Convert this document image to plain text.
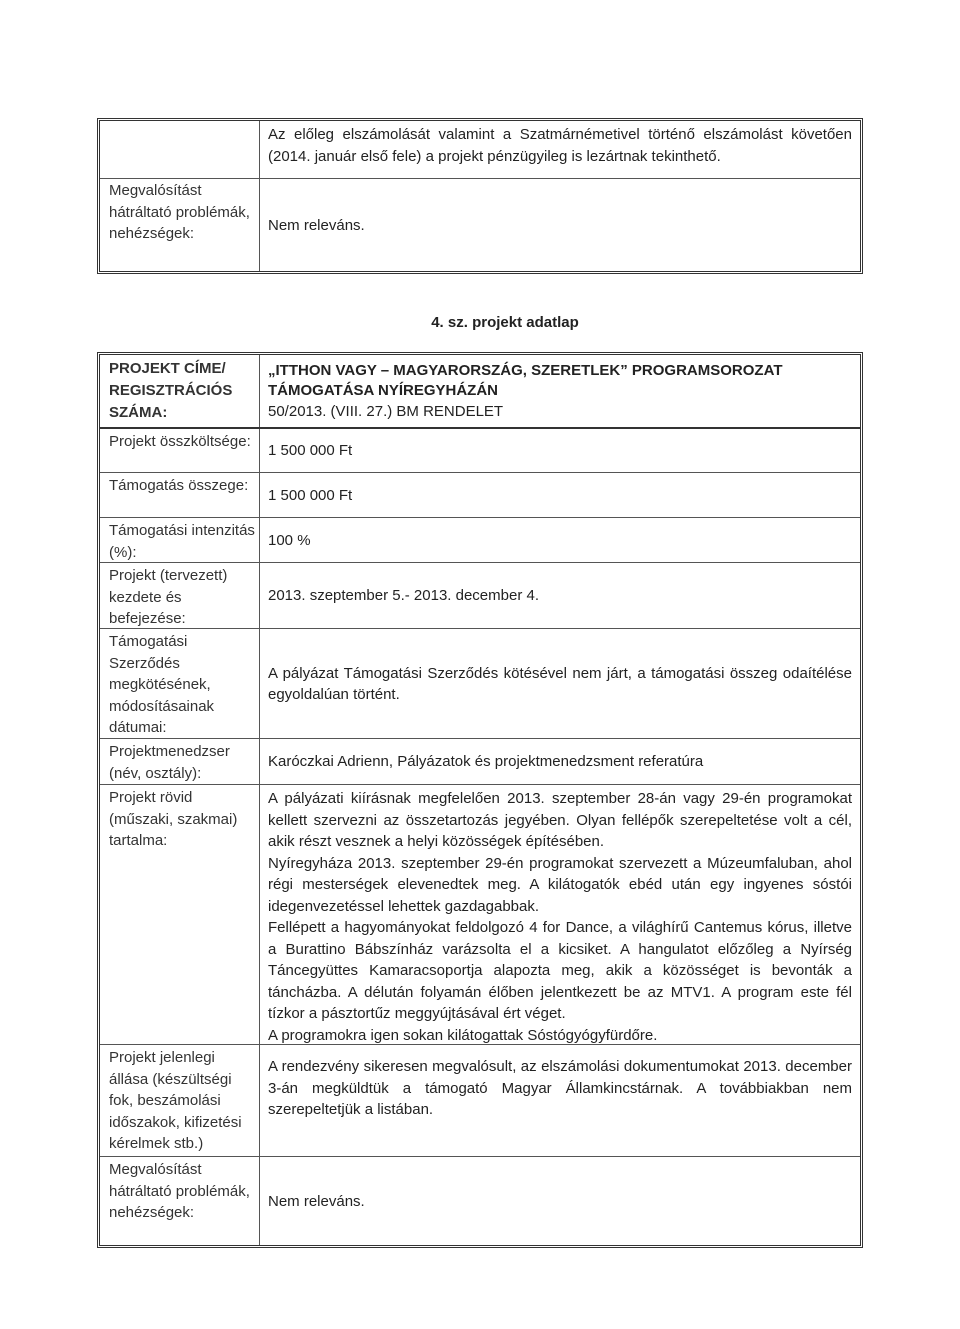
Az előleg elszámolását valamint a Szatmárnémetivel történő elszámolást követően (2014. január első fele) a projekt pénzügyileg is lezártnak tekinthető.

Megvalósítást hátráltató problémák, nehézségek:	Nem releváns.

4. sz. projekt adatlap
PROJEKT CÍME/ REGISZTRÁCIÓS SZÁMA:
„ITTHON VAGY – MAGYARORSZÁG, SZERETLEK” PROGRAMSOROZAT
TÁMOGATÁSA NYÍREGYHÁZÁN
50/2013. (VIII. 27.) BM RENDELET
Projekt összköltsége:
1 500 000 Ft
Támogatás összege:
1 500 000 Ft
Támogatási intenzitás (%):
100 %
Projekt (tervezett) kezdete és befejezése:
2013. szeptember 5.- 2013. december 4.
Támogatási Szerződés megkötésének, módosításainak dátumai:

A pályázat Támogatási Szerződés kötésével nem járt, a támogatási összeg odaítélése egyoldalúan történt.

Projektmenedzser (név, osztály):
Karóczkai Adrienn, Pályázatok és projektmenedzsment referatúra
Projekt rövid (műszaki, szakmai) tartalma:

A pályázati kiírásnak megfelelően 2013. szeptember 28-án vagy 29-én programokat kellett szervezni az összetartozás jegyében. Olyan fellépők szerepeltetése volt a cél, akik részt vesznek a helyi közösségek építésében.

Nyíregyháza 2013. szeptember 29-én programokat szervezett a Múzeumfaluban, ahol régi mesterségek elevenedtek meg. A kilátogatók ebéd után egy ingyenes sóstói idegenvezetéssel lehettek gazdagabbak.

Fellépett a hagyományokat feldolgozó 4 for Dance, a világhírű Cantemus kórus, illetve a Burattino Bábszínház varázsolta el a kicsiket. A hangulatot előzőleg a Nyírség Táncegyüttes Kamaracsoportja alapozta meg, akik a közösséget is bevonták a táncházba. A délután folyamán élőben jelentkezett be az MTV1. A program este fél tízkor a pásztortűz meggyújtásával ért véget.

A programokra igen sokan kilátogattak Sóstógyógyfürdőre.

Projekt jelenlegi állása (készültségi fok, beszámolási időszakok, kifizetési kérelmek stb.)

A rendezvény sikeresen megvalósult, az elszámolási dokumentumokat 2013. december 3-án megküldtük a támogató Magyar Államkincstárnak. A továbbiakban nem szerepeltetjük a listában.

Megvalósítást hátráltató problémák, nehézségek:
Nem releváns.
